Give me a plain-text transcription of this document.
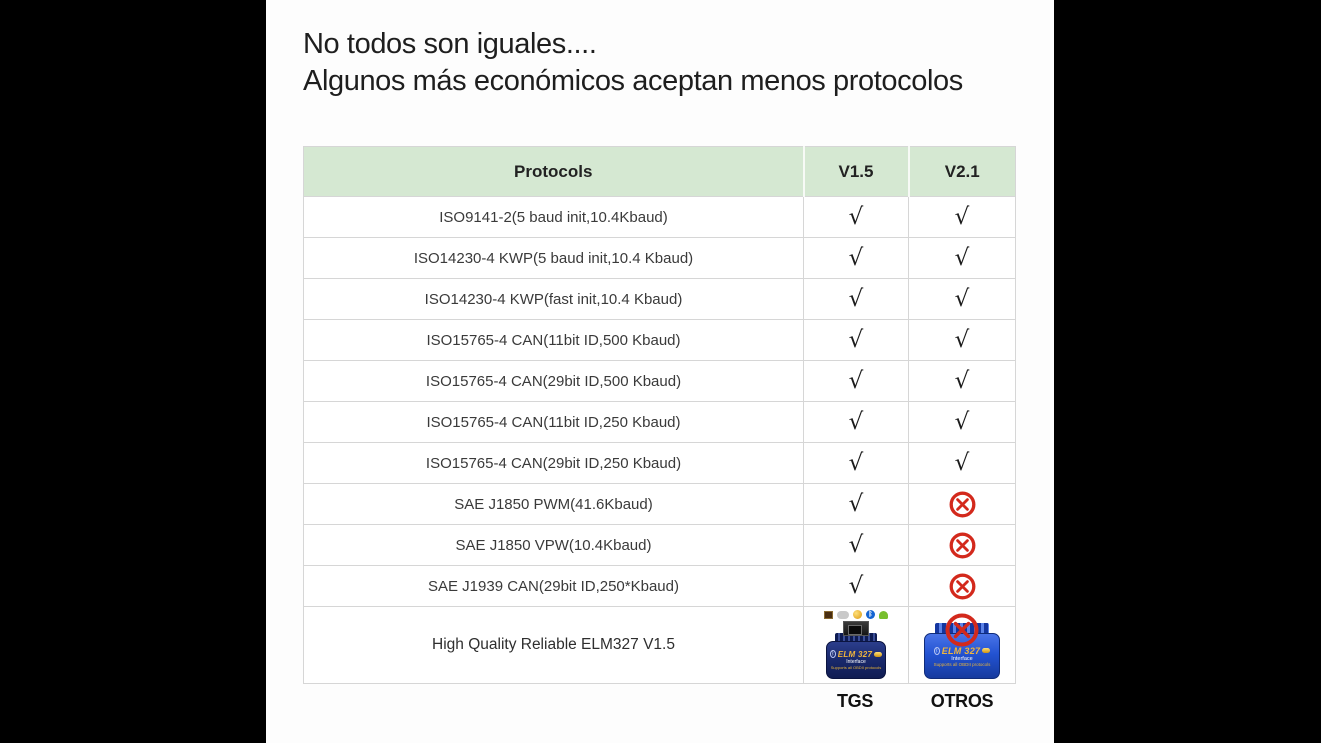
No todos son iguales....
Algunos más económicos aceptan menos protocolos
Protocols	V1.5	V2.1
ISO9141-2(5 baud init,10.4Kbaud)	√	√
ISO14230-4 KWP(5 baud init,10.4 Kbaud)	√	√
ISO14230-4 KWP(fast init,10.4 Kbaud)	√	√
ISO15765-4 CAN(11bit ID,500 Kbaud)	√	√
ISO15765-4 CAN(29bit ID,500 Kbaud)	√	√
ISO15765-4 CAN(11bit ID,250 Kbaud)	√	√
ISO15765-4 CAN(29bit ID,250 Kbaud)	√	√
SAE J1850 PWM(41.6Kbaud)	√	
SAE J1850 VPW(10.4Kbaud)	√	
SAE J1939 CAN(29bit ID,250*Kbaud)	√	
High Quality Reliable ELM327 V1.5	
ᛒ
ᛒ ELM 327
Interface
Supports all OBDII protocols

ᛒ ELM 327
Interface
Supports all OBDII protocols
TGS	OTROS
